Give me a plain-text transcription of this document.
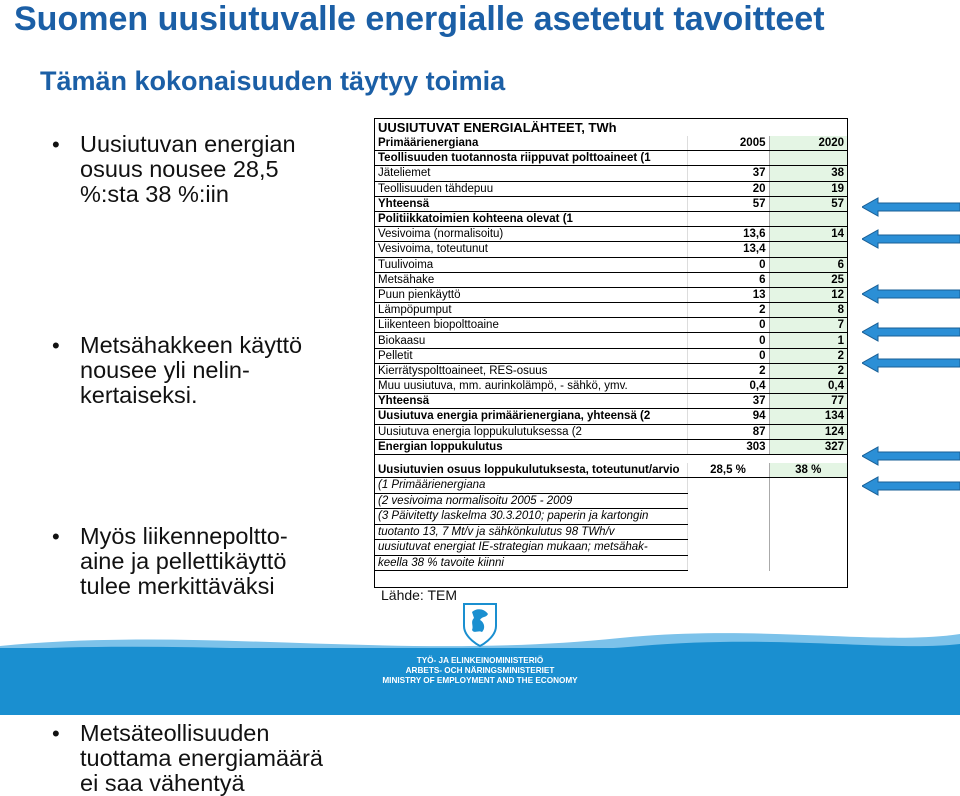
Suomen uusiutuvalle energialle asetetut tavoitteet
Tämän kokonaisuuden täytyy toimia
• Uusiutuvan energian
osuus nousee 28,5
%:sta 38 %:iin
• Metsähakkeen käyttö
nousee yli nelin-
kertaiseksi.
• Myös liikennepoltto-
aine ja pellettikäyttö
tulee merkittäväksi
• Metsäteollisuuden
tuottama energiamäärä
ei saa vähentyä
UUSIUTUVAT ENERGIALÄHTEET, TWh		
Primäärienergiana	2005	2020
Teollisuuden tuotannosta riippuvat polttoaineet (1		
Jäteliemet	37	38
Teollisuuden tähdepuu	20	19
Yhteensä	57	57
Politiikkatoimien kohteena olevat (1		
Vesivoima (normalisoitu)	13,6	14
Vesivoima, toteutunut	13,4	
Tuulivoima	0	6
Metsähake	6	25
Puun pienkäyttö	13	12
Lämpöpumput	2	8
Liikenteen biopolttoaine	0	7
Biokaasu	0	1
Pelletit	0	2
Kierrätyspolttoaineet, RES-osuus	2	2
Muu uusiutuva, mm. aurinkolämpö, - sähkö, ymv.	0,4	0,4
Yhteensä	37	77
Uusiutuva energia primäärienergiana, yhteensä (2	94	134
Uusiutuva energia loppukulutuksessa (2	87	124
Energian loppukulutus	303	327

Uusiutuvien osuus loppukulutuksesta, toteutunut/arvio	28,5 %	38 %
(1 Primäärienergiana		
(2 vesivoima normalisoitu 2005 - 2009		
(3 Päivitetty laskelma 30.3.2010; paperin ja kartongin		
tuotanto 13, 7 Mt/v ja sähkönkulutus 98 TWh/v		
uusiutuvat energiat IE-strategian mukaan; metsähak-		
keella 38 % tavoite kiinni		
Lähde: TEM
TYÖ- JA ELINKEINOMINISTERIÖ
ARBETS- OCH NÄRINGSMINISTERIET
MINISTRY OF EMPLOYMENT AND THE ECONOMY
